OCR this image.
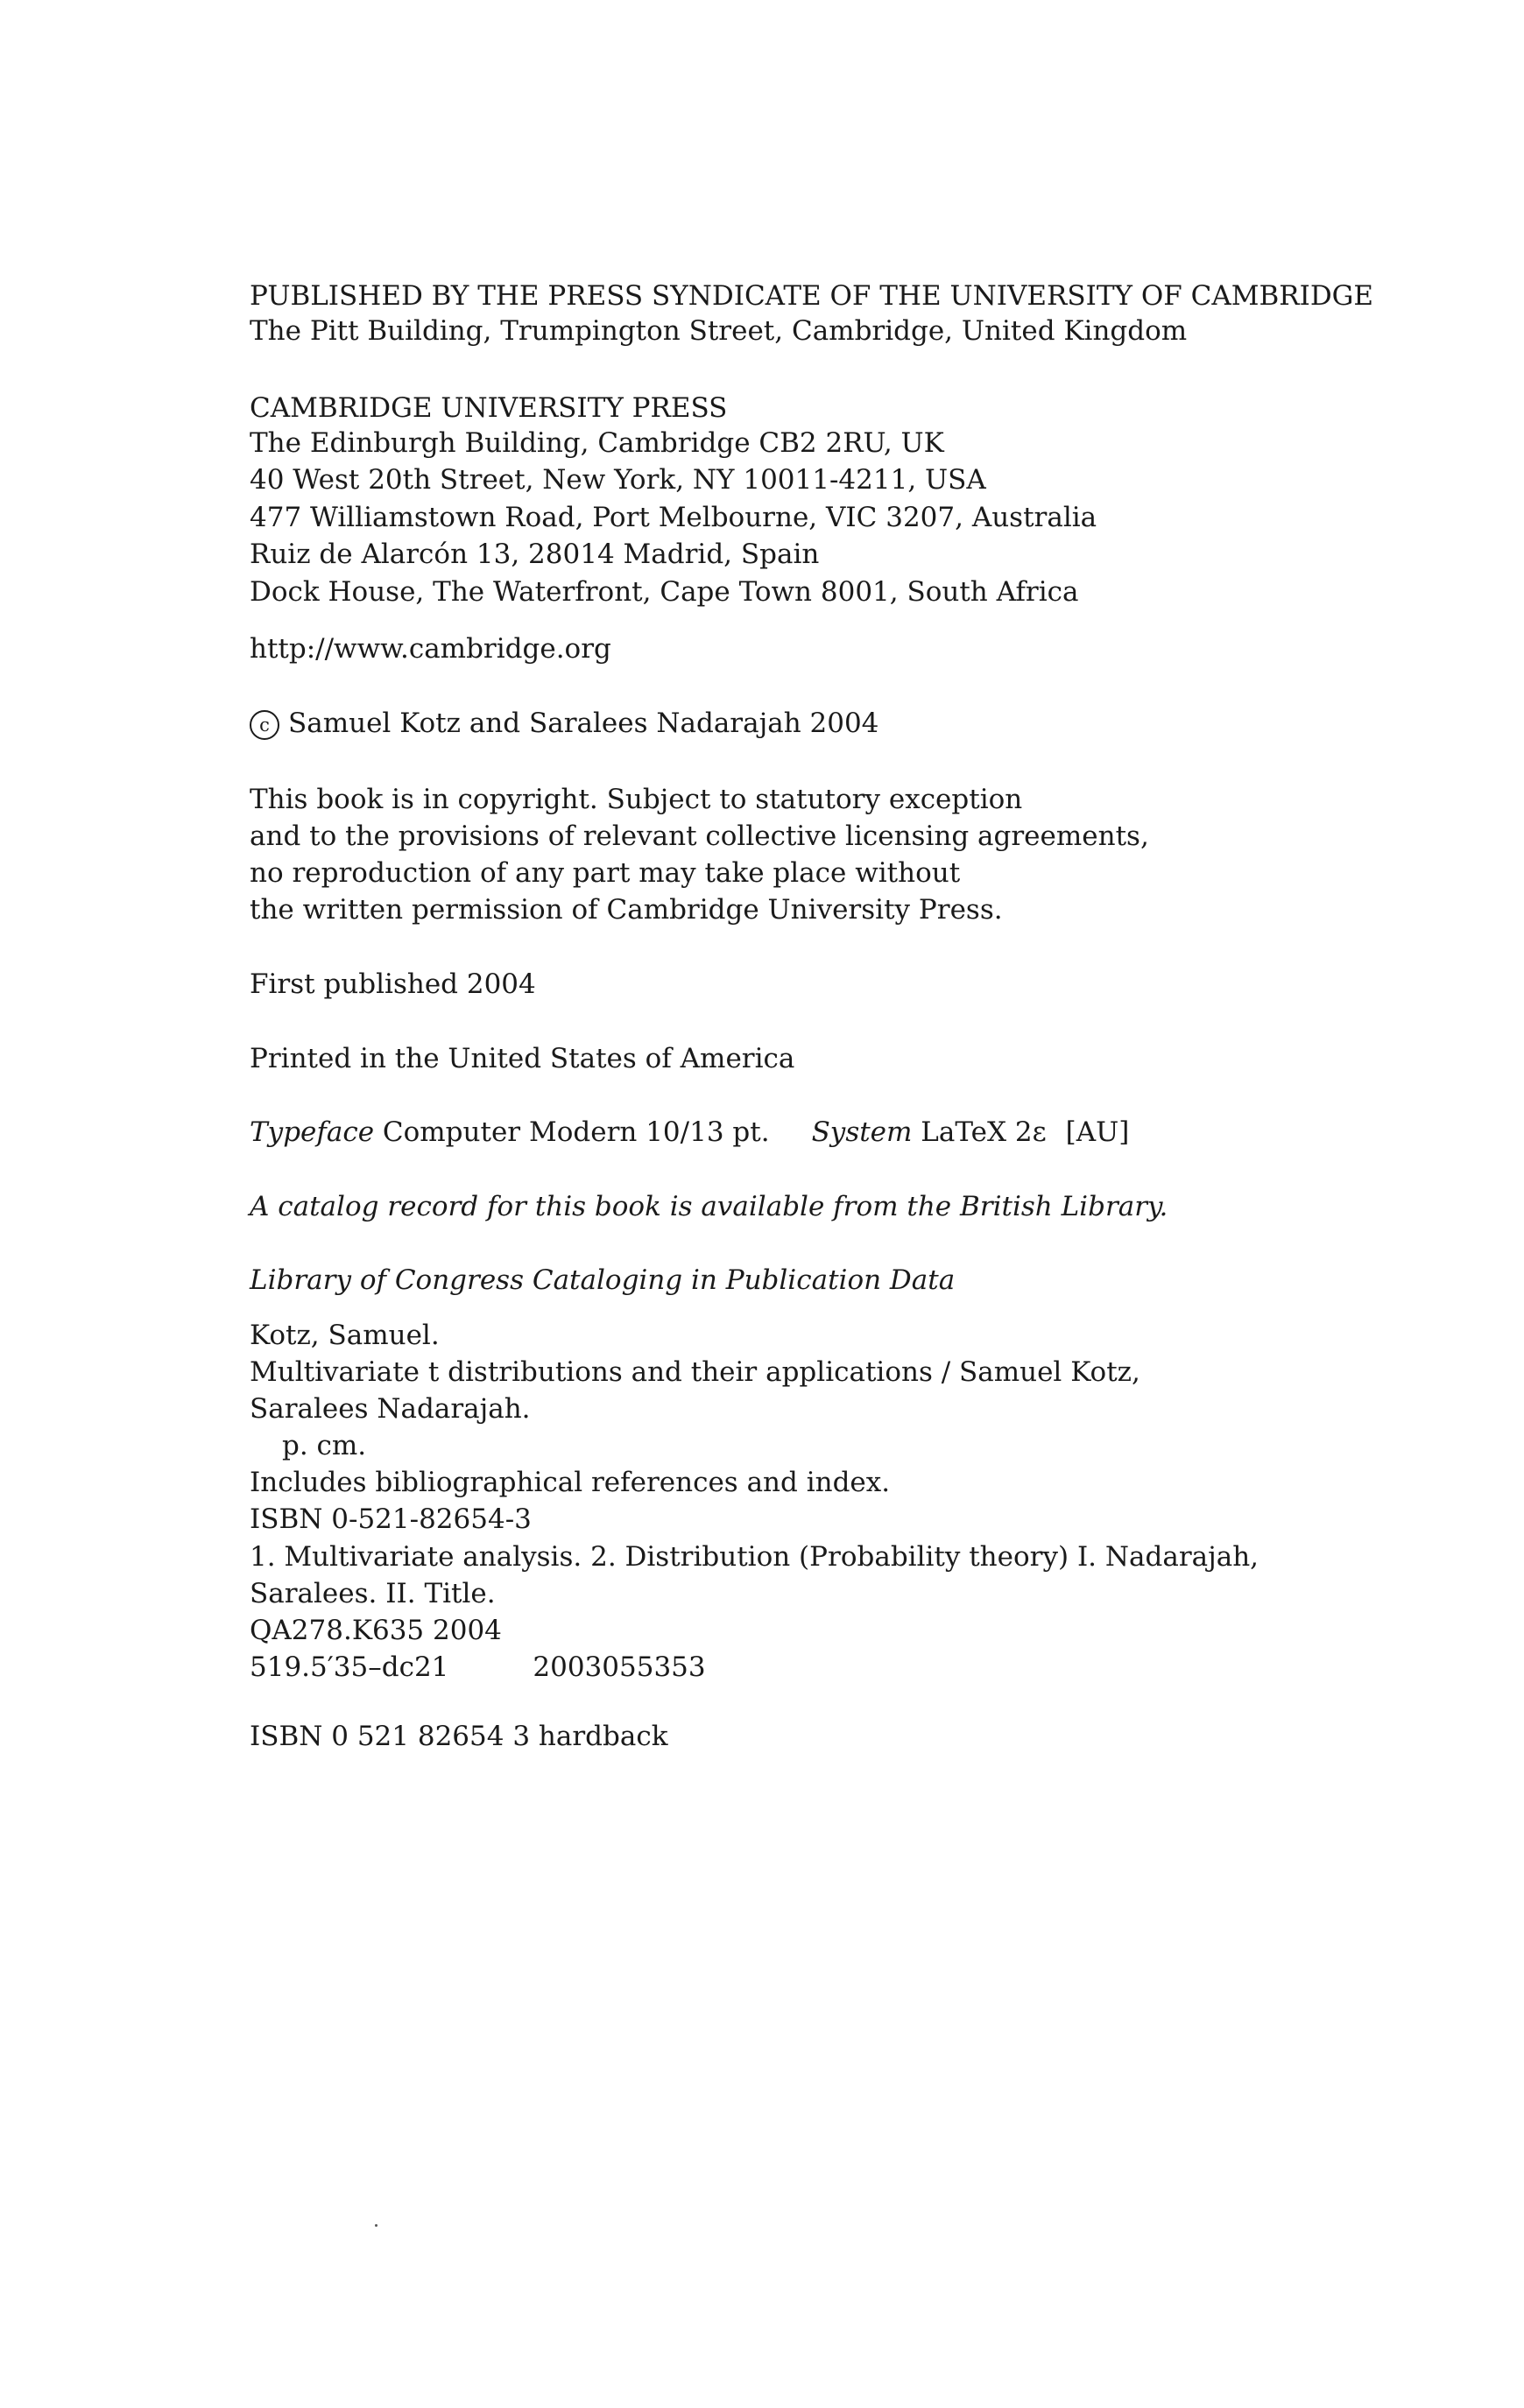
PUBLISHED BY THE PRESS SYNDICATE OF THE UNIVERSITY OF CAMBRIDGE
The Pitt Building, Trumpington Street, Cambridge, United Kingdom
CAMBRIDGE UNIVERSITY PRESS
The Edinburgh Building, Cambridge CB2 2RU, UK
40 West 20th Street, New York, NY 10011-4211, USA
477 Williamstown Road, Port Melbourne, VIC 3207, Australia
Ruiz de Alarcón 13, 28014 Madrid, Spain
Dock House, The Waterfront, Cape Town 8001, South Africa
http://www.cambridge.org
c Samuel Kotz and Saralees Nadarajah 2004
This book is in copyright. Subject to statutory exception
and to the provisions of relevant collective licensing agreements,
no reproduction of any part may take place without
the written permission of Cambridge University Press.
First published 2004
Printed in the United States of America
Typeface Computer Modern 10/13 pt. System LaTeX 2ε [AU]
A catalog record for this book is available from the British Library.
Library of Congress Cataloging in Publication Data
Kotz, Samuel.
Multivariate t distributions and their applications / Samuel Kotz,
Saralees Nadarajah.
p. cm.
Includes bibliographical references and index.
ISBN 0-521-82654-3
1. Multivariate analysis. 2. Distribution (Probability theory) I. Nadarajah,
Saralees. II. Title.
QA278.K635 2004
519.5′35–dc21	2003055353
ISBN 0 521 82654 3 hardback
